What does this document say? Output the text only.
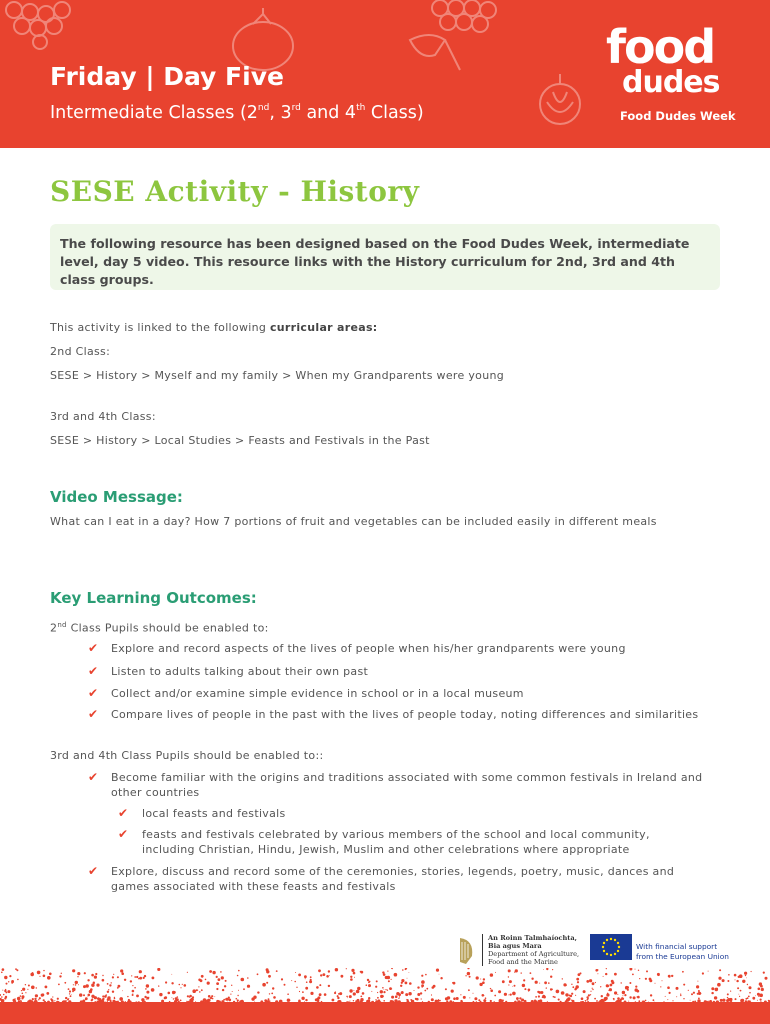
Friday | Day Five
Intermediate Classes (2nd, 3rd and 4th Class)
food
dudes
Food Dudes Week
SESE Activity - History
The following resource has been designed based on the Food Dudes Week, intermediate level, day 5 video. This resource links with the History curriculum for 2nd, 3rd and 4th class groups.
This activity is linked to the following curricular areas:
2nd Class:
SESE > History > Myself and my family > When my Grandparents were young
3rd and 4th Class:
SESE > History > Local Studies > Feasts and Festivals in the Past
Video Message:
What can I eat in a day? How 7 portions of fruit and vegetables can be included easily in different meals
Key Learning Outcomes:
2nd Class Pupils should be enabled to:
✔ Explore and record aspects of the lives of people when his/her grandparents were young
✔ Listen to adults talking about their own past
✔ Collect and/or examine simple evidence in school or in a local museum
✔ Compare lives of people in the past with the lives of people today, noting differences and similarities
3rd and 4th Class Pupils should be enabled to::
✔ Become familiar with the origins and traditions associated with some common festivals in Ireland and other countries
✔ local feasts and festivals
✔ feasts and festivals celebrated by various members of the school and local community, including Christian, Hindu, Jewish, Muslim and other celebrations where appropriate
✔ Explore, discuss and record some of the ceremonies, stories, legends, poetry, music, dances and games associated with these feasts and festivals
An Roinn Talmhaíochta,
Bia agus Mara
Department of Agriculture,
Food and the Marine
With financial support
from the European Union
